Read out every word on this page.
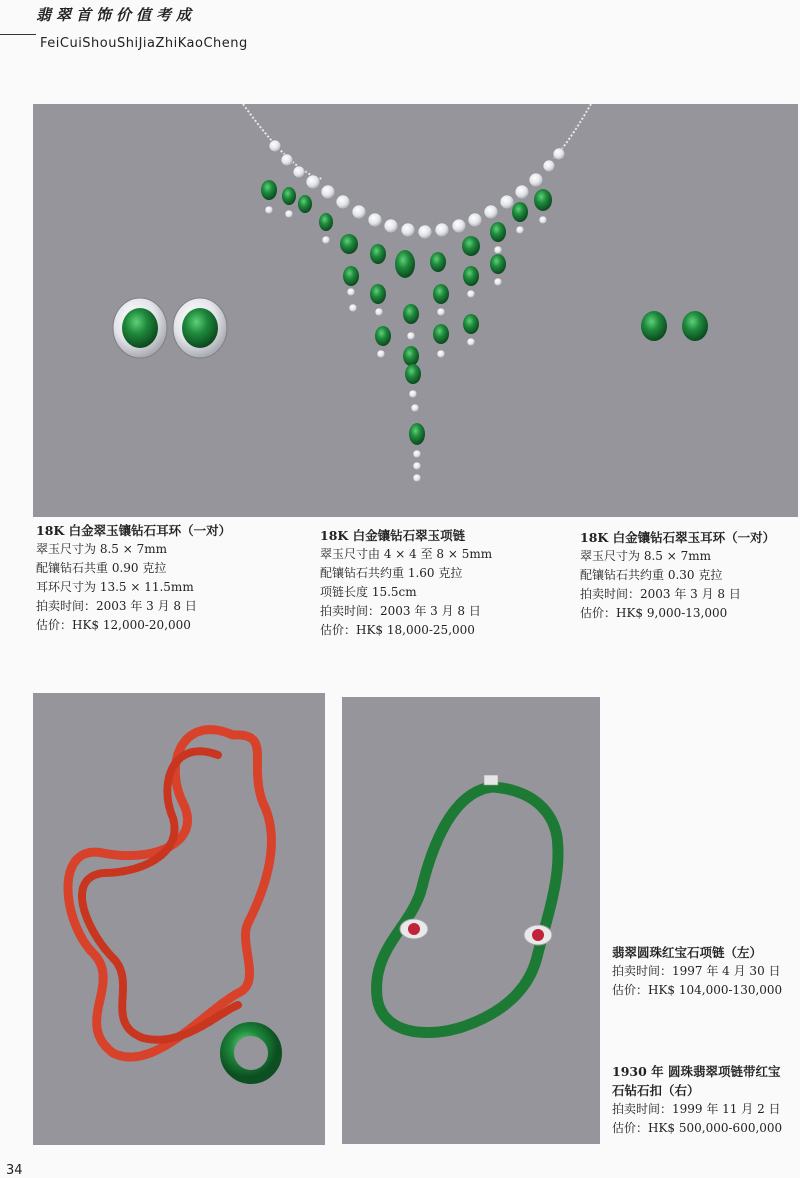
翡翠首饰价值考成
FeiCuiShouShiJiaZhiKaoCheng
18K 白金翠玉镶钻石耳环（一对）
翠玉尺寸为 8.5 × 7mm
配镶钻石共重 0.90 克拉
耳环尺寸为 13.5 × 11.5mm
拍卖时间：2003 年 3 月 8 日
估价：HK$ 12,000-20,000
18K 白金镶钻石翠玉项链
翠玉尺寸由 4 × 4 至 8 × 5mm
配镶钻石共约重 1.60 克拉
项链长度 15.5cm
拍卖时间：2003 年 3 月 8 日
估价：HK$ 18,000-25,000
18K 白金镶钻石翠玉耳环（一对）
翠玉尺寸为 8.5 × 7mm
配镶钻石共约重 0.30 克拉
拍卖时间：2003 年 3 月 8 日
估价：HK$ 9,000-13,000
翡翠圆珠红宝石项链（左）
拍卖时间：1997 年 4 月 30 日
估价：HK$ 104,000-130,000
1930 年 圆珠翡翠项链带红宝
石钻石扣（右）
拍卖时间：1999 年 11 月 2 日
估价：HK$ 500,000-600,000
34
